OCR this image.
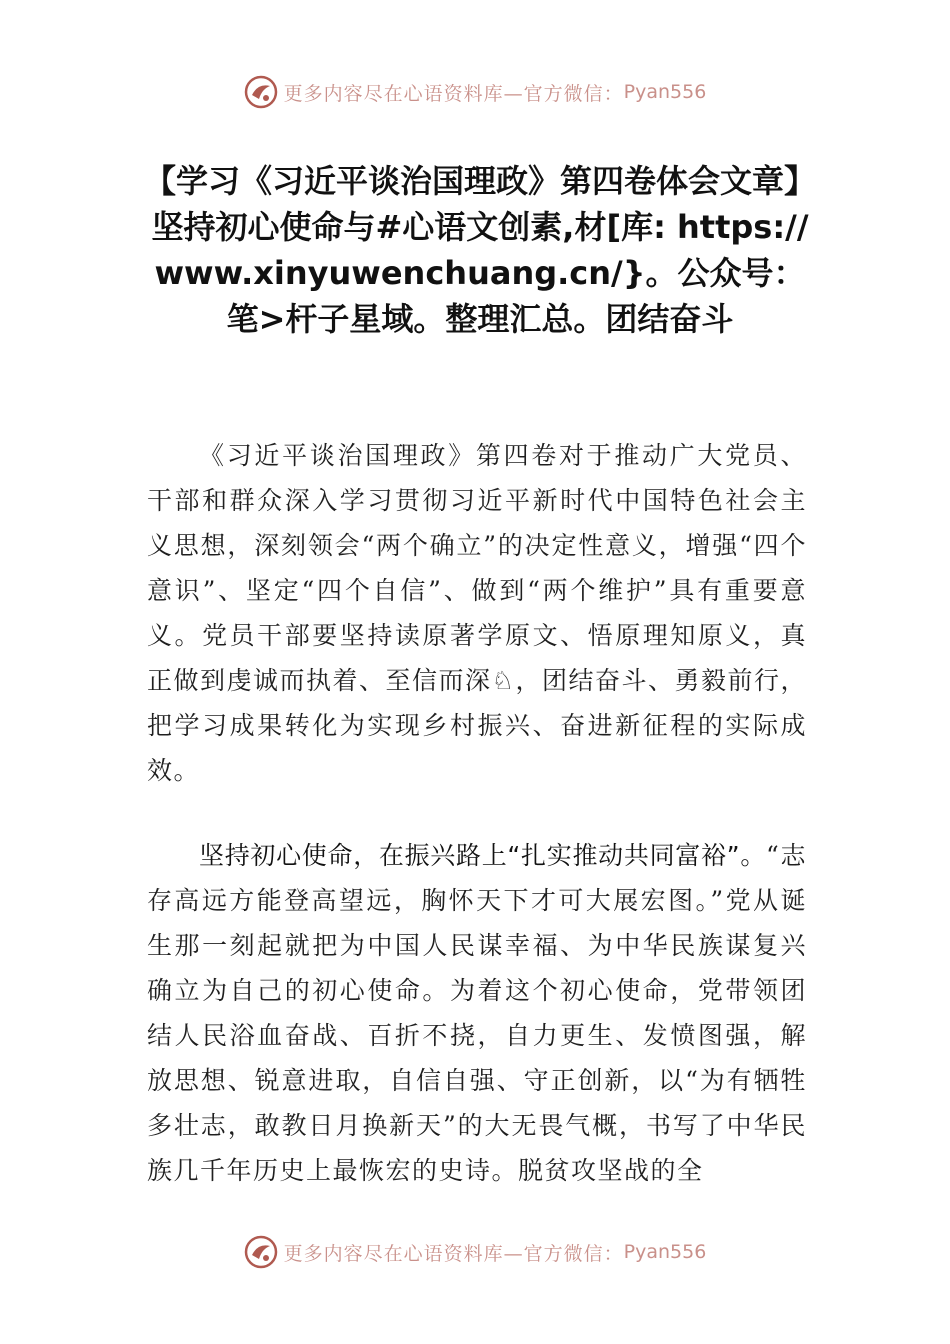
更多内容尽在心语资料库—官方微信： Pyan556
【学习《习近平谈治国理政》第四卷体会文章】坚持初心使命与#心语文创素,材[库: https:// www.xinyuwenchuang.cn/}。公众号：笔>杆子星域。整理汇总。团结奋斗
《习近平谈治国理政》第四卷对于推动广大党员、干部和群众深入学习贯彻习近平新时代中国特色社会主义思想，深刻领会“两个确立”的决定性意义，增强“四个意识”、坚定“四个自信”、做到“两个维护”具有重要意义。党员干部要坚持读原著学原文、悟原理知原义，真正做到虔诚而执着、至信而深♘，团结奋斗、勇毅前行，把学习成果转化为实现乡村振兴、奋进新征程的实际成效。
坚持初心使命，在振兴路上“扎实推动共同富裕”。“志存高远方能登高望远，胸怀天下才可大展宏图。”党从诞生那一刻起就把为中国人民谋幸福、为中华民族谋复兴确立为自己的初心使命。为着这个初心使命，党带领团结人民浴血奋战、百折不挠，自力更生、发愤图强，解放思想、锐意进取，自信自强、守正创新，以“为有牺牲多壮志，敢教日月换新天”的大无畏气概，书写了中华民族几千年历史上最恢宏的史诗。脱贫攻坚战的全
更多内容尽在心语资料库—官方微信： Pyan556
